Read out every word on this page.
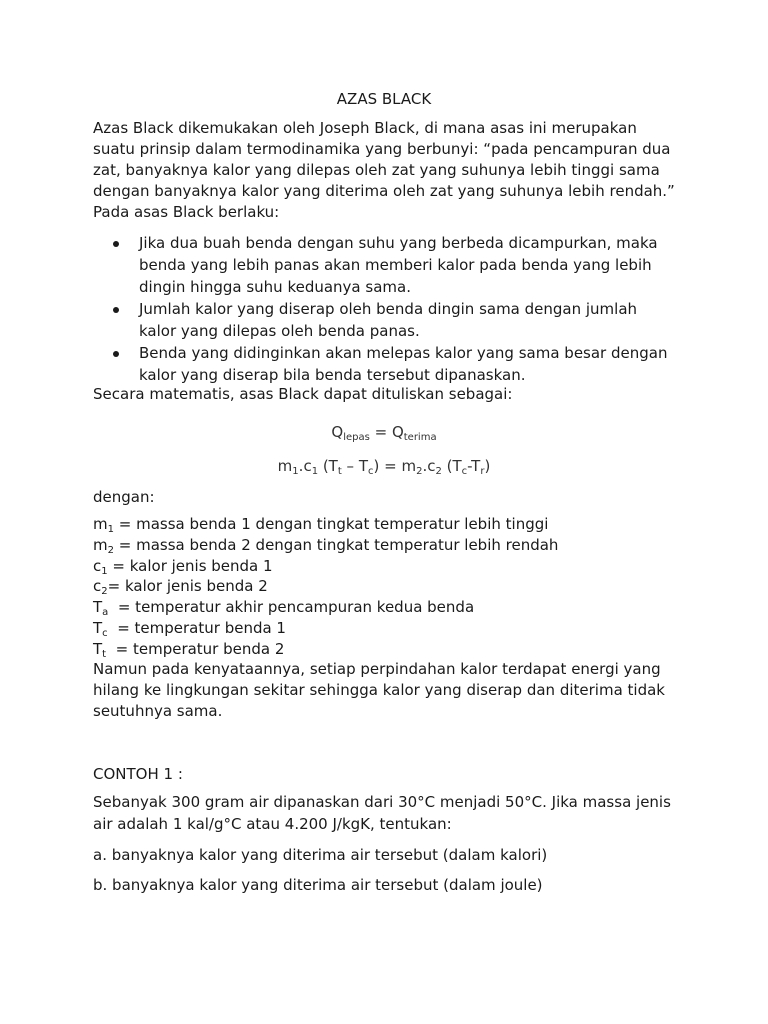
AZAS BLACK
Azas Black dikemukakan oleh Joseph Black, di mana asas ini merupakan suatu prinsip dalam termodinamika yang berbunyi: “pada pencampuran dua zat, banyaknya kalor yang dilepas oleh zat yang suhunya lebih tinggi sama dengan banyaknya kalor yang diterima oleh zat yang suhunya lebih rendah.” Pada asas Black berlaku:
Jika dua buah benda dengan suhu yang berbeda dicampurkan, maka benda yang lebih panas akan memberi kalor pada benda yang lebih dingin hingga suhu keduanya sama.
Jumlah kalor yang diserap oleh benda dingin sama dengan jumlah kalor yang dilepas oleh benda panas.
Benda yang didinginkan akan melepas kalor yang sama besar dengan kalor yang diserap bila benda tersebut dipanaskan.
Secara matematis, asas Black dapat dituliskan sebagai:
$Q_{lepas} = Q_{terima}$
$m_1.c_1$ $(T_t - T_c) = m_2.c_2$ $(T_c-T_r)$
dengan:
$m_1$ = massa benda 1 dengan tingkat temperatur lebih tinggi
$m_2$ = massa benda 2 dengan tingkat temperatur lebih rendah
$c_1$ = kalor jenis benda 1
$c_2=$ kalor jenis benda 2
$T_a$  = temperatur akhir pencampuran kedua benda
$T_c$  = temperatur benda 1
$T_t$  = temperatur benda 2
Namun pada kenyataannya, setiap perpindahan kalor terdapat energi yang hilang ke lingkungan sekitar sehingga kalor yang diserap dan diterima tidak seutuhnya sama.
CONTOH 1 :
Sebanyak 300 gram air dipanaskan dari 30°C menjadi 50°C. Jika massa jenis air adalah 1 kal/g°C atau 4.200 J/kgK, tentukan:
a. banyaknya kalor yang diterima air tersebut (dalam kalori)
b. banyaknya kalor yang diterima air tersebut (dalam joule)
